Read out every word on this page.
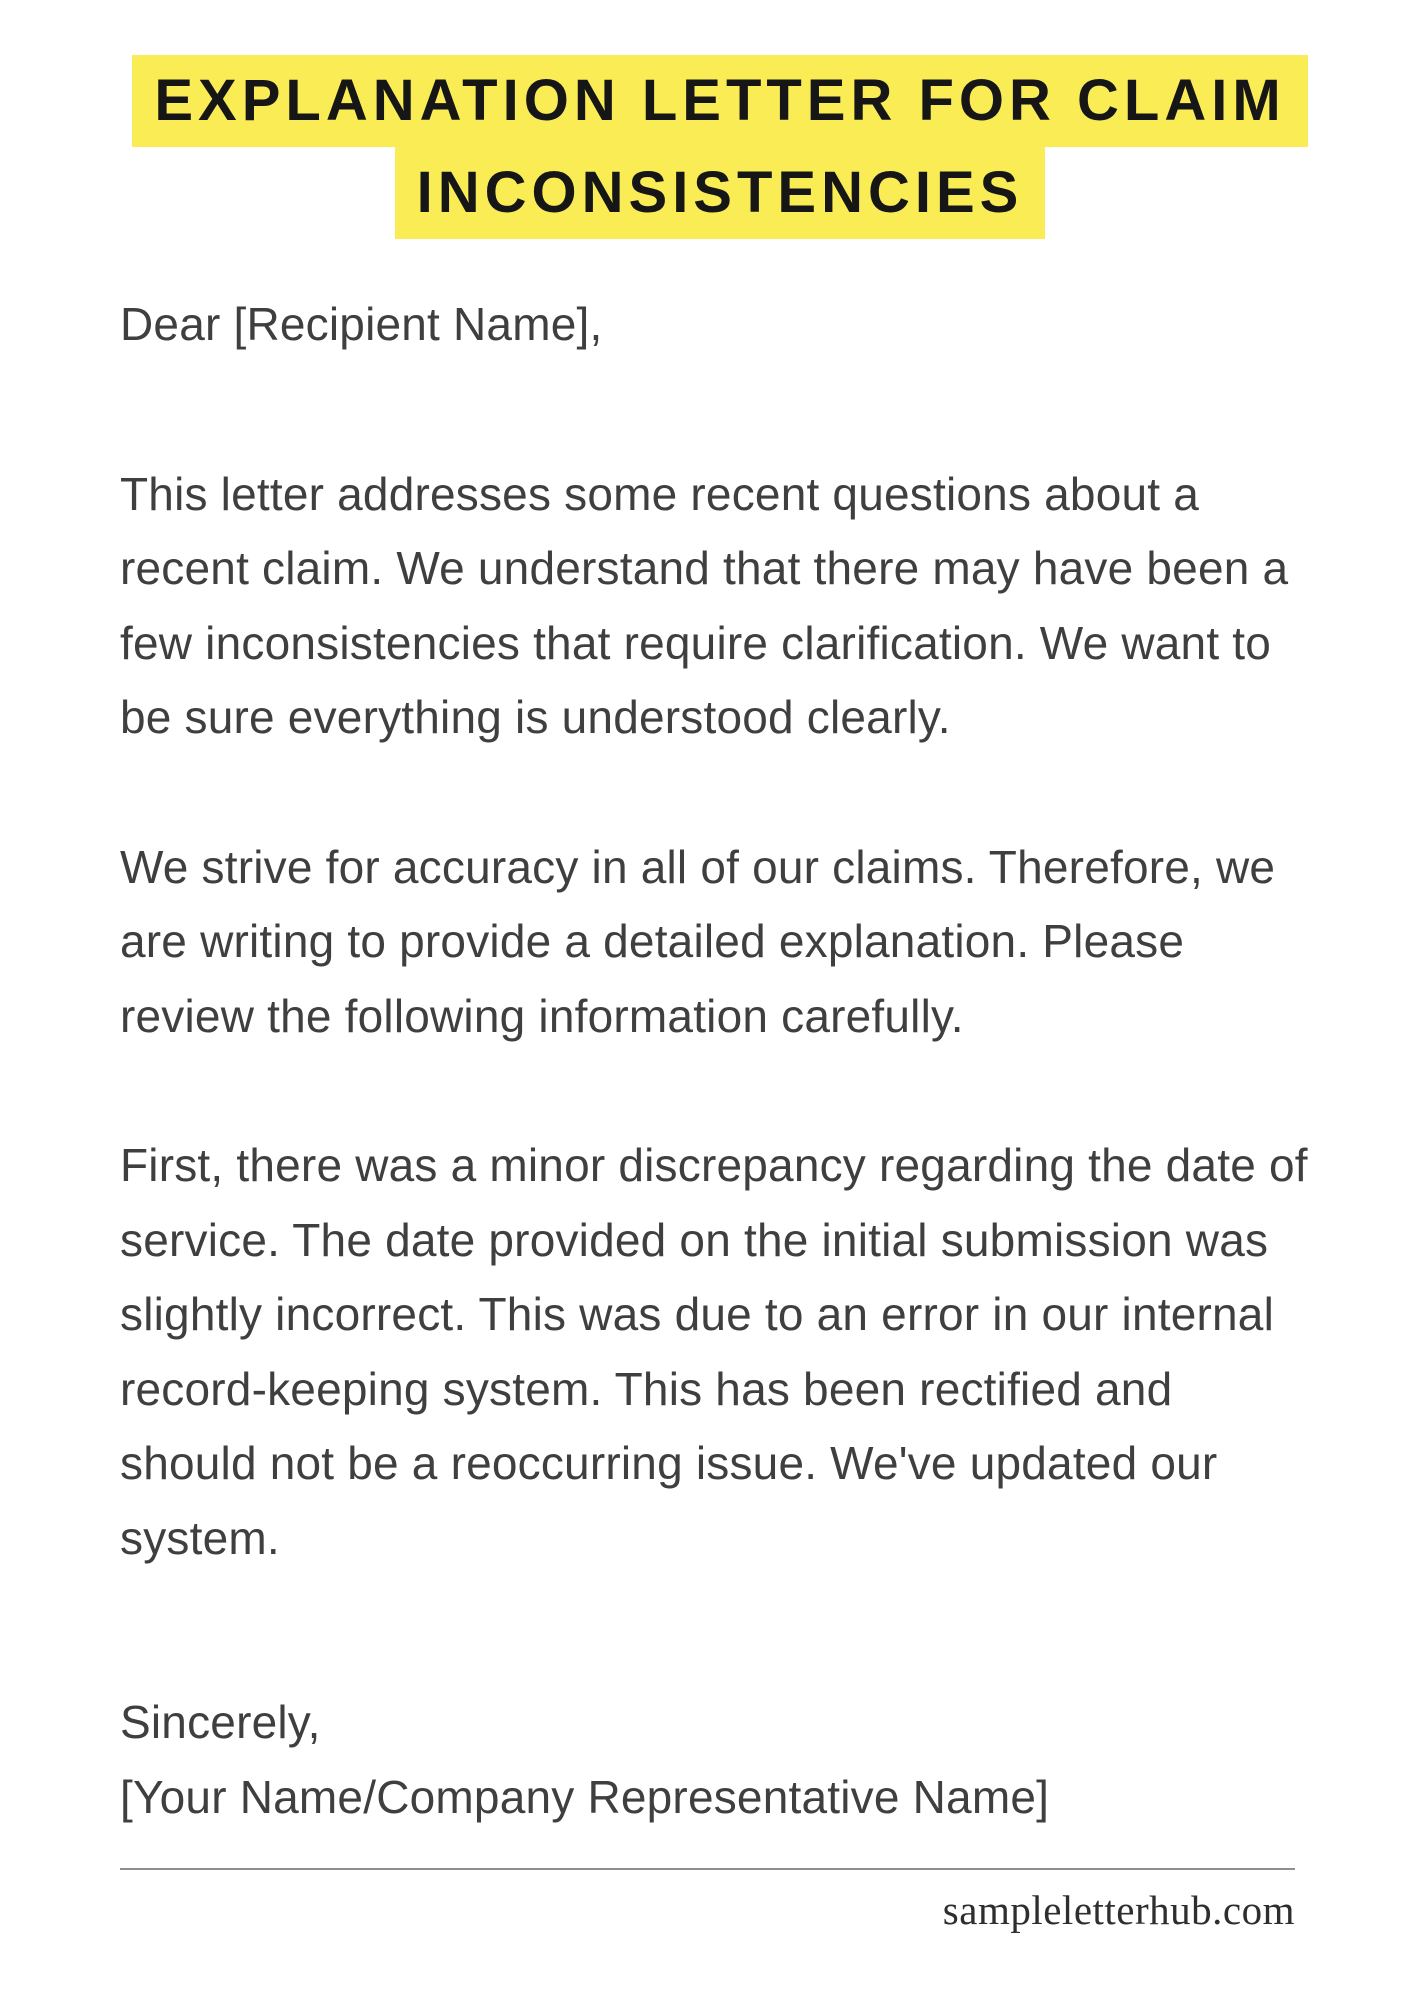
EXPLANATION LETTER FOR CLAIM
INCONSISTENCIES

Dear [Recipient Name],

This letter addresses some recent questions about a recent claim. We understand that there may have been a few inconsistencies that require clarification. We want to be sure everything is understood clearly.

We strive for accuracy in all of our claims. Therefore, we are writing to provide a detailed explanation. Please review the following information carefully.

First, there was a minor discrepancy regarding the date of service. The date provided on the initial submission was slightly incorrect. This was due to an error in our internal record-keeping system. This has been rectified and should not be a reoccurring issue. We've updated our system.

Sincerely,

[Your Name/Company Representative Name]

sampleletterhub.com
